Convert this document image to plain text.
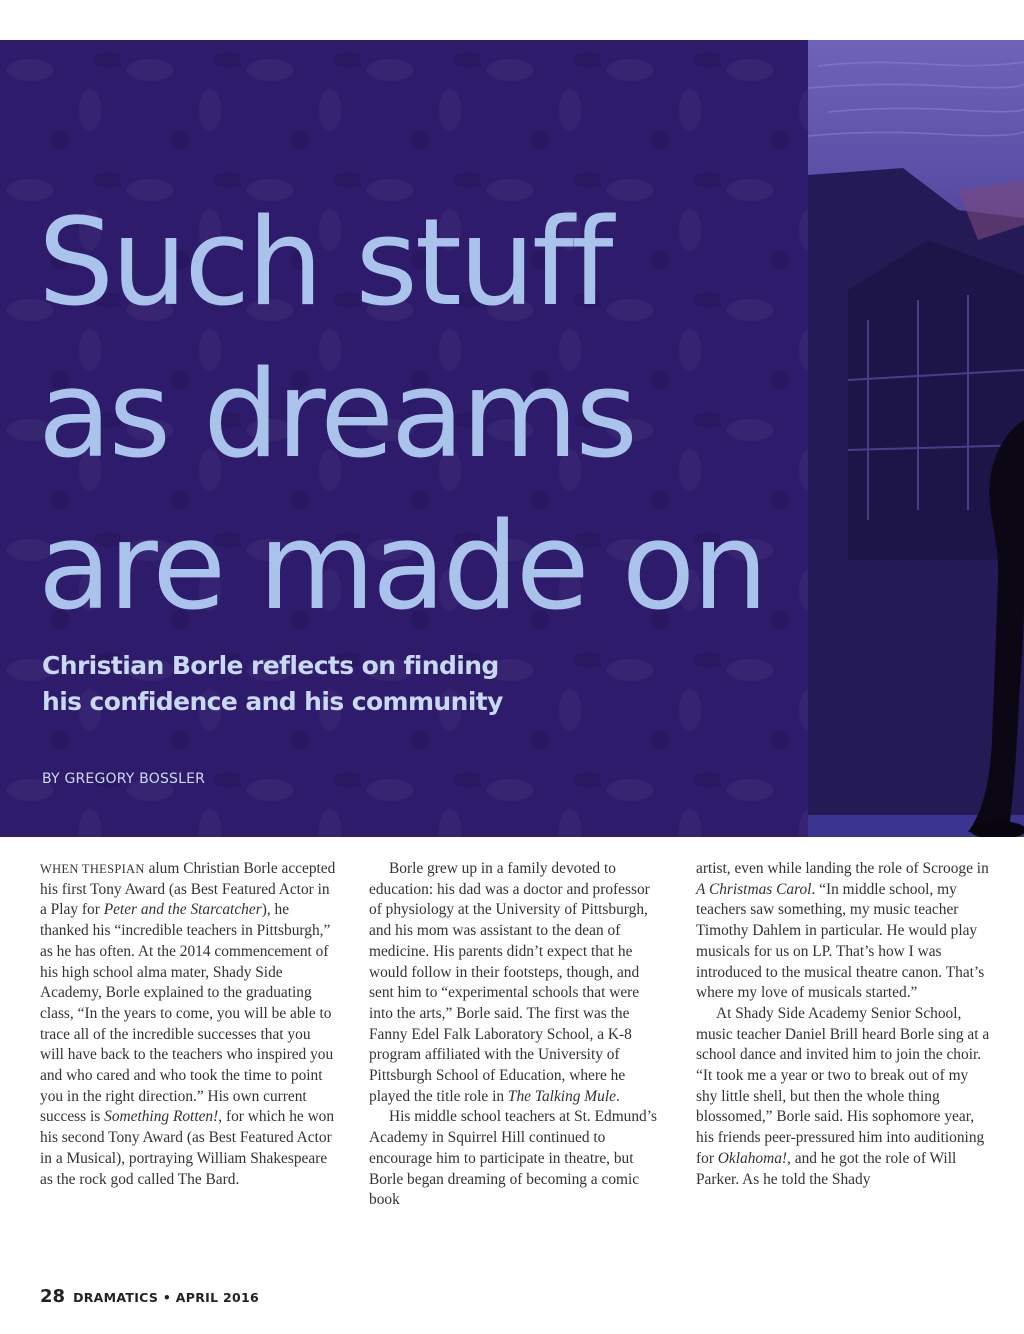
Such stuff
as dreams
are made on
Christian Borle reflects on finding
his confidence and his community
BY GREGORY BOSSLER

WHEN THESPIAN alum Christian Borle accepted his first Tony Award (as Best Featured Actor in a Play for Peter and the Starcatcher), he thanked his “incredible teachers in Pittsburgh,” as he has often. At the 2014 commencement of his high school alma mater, Shady Side Academy, Borle explained to the graduating class, “In the years to come, you will be able to trace all of the incredible successes that you will have back to the teachers who inspired you and who cared and who took the time to point you in the right direction.” His own current success is Something Rotten!, for which he won his second Tony Award (as Best Featured Actor in a Musical), portraying William Shakespeare as the rock god called The Bard.

Borle grew up in a family devoted to education: his dad was a doctor and professor of physiology at the University of Pittsburgh, and his mom was assistant to the dean of medicine. His parents didn’t expect that he would follow in their footsteps, though, and sent him to “experimental schools that were into the arts,” Borle said. The first was the Fanny Edel Falk Laboratory School, a K-8 program affiliated with the University of Pittsburgh School of Education, where he played the title role in The Talking Mule.

His middle school teachers at St. Edmund’s Academy in Squirrel Hill continued to encourage him to participate in theatre, but Borle began dreaming of becoming a comic book

artist, even while landing the role of Scrooge in A Christmas Carol. “In middle school, my teachers saw something, my music teacher Timothy Dahlem in particular. He would play musicals for us on LP. That’s how I was introduced to the musical theatre canon. That’s where my love of musicals started.”

At Shady Side Academy Senior School, music teacher Daniel Brill heard Borle sing at a school dance and invited him to join the choir. “It took me a year or two to break out of my shy little shell, but then the whole thing blossomed,” Borle said. His sophomore year, his friends peer-pressured him into auditioning for Oklahoma!, and he got the role of Will Parker. As he told the Shady

28 DRAMATICS • APRIL 2016
